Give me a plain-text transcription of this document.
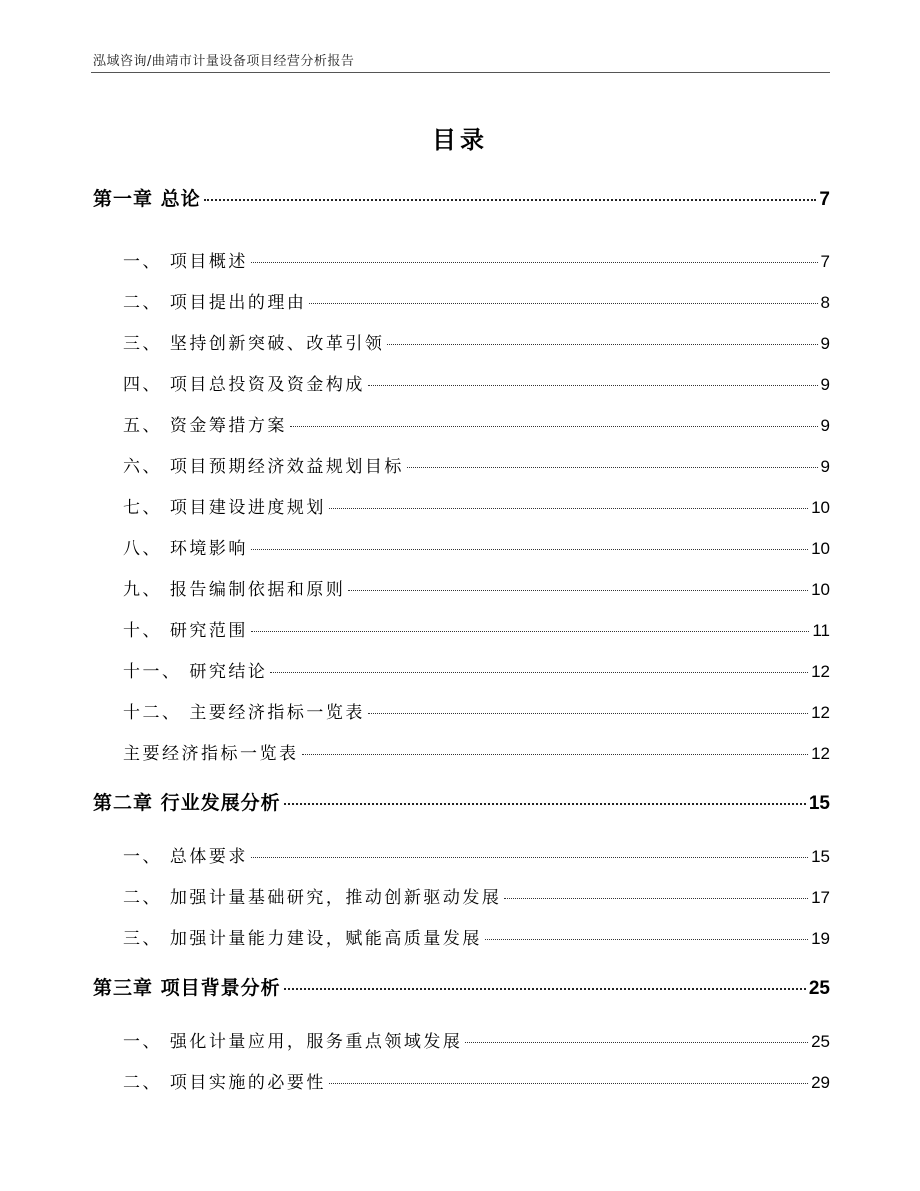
泓域咨询/曲靖市计量设备项目经营分析报告
目录
第一章 总论	7
一、 项目概述	7
二、 项目提出的理由	8
三、 坚持创新突破、改革引领	9
四、 项目总投资及资金构成	9
五、 资金筹措方案	9
六、 项目预期经济效益规划目标	9
七、 项目建设进度规划	10
八、 环境影响	10
九、 报告编制依据和原则	10
十、 研究范围	11
十一、 研究结论	12
十二、 主要经济指标一览表	12
主要经济指标一览表	12
第二章 行业发展分析	15
一、 总体要求	15
二、 加强计量基础研究，推动创新驱动发展	17
三、 加强计量能力建设，赋能高质量发展	19
第三章 项目背景分析	25
一、 强化计量应用，服务重点领域发展	25
二、 项目实施的必要性	29
